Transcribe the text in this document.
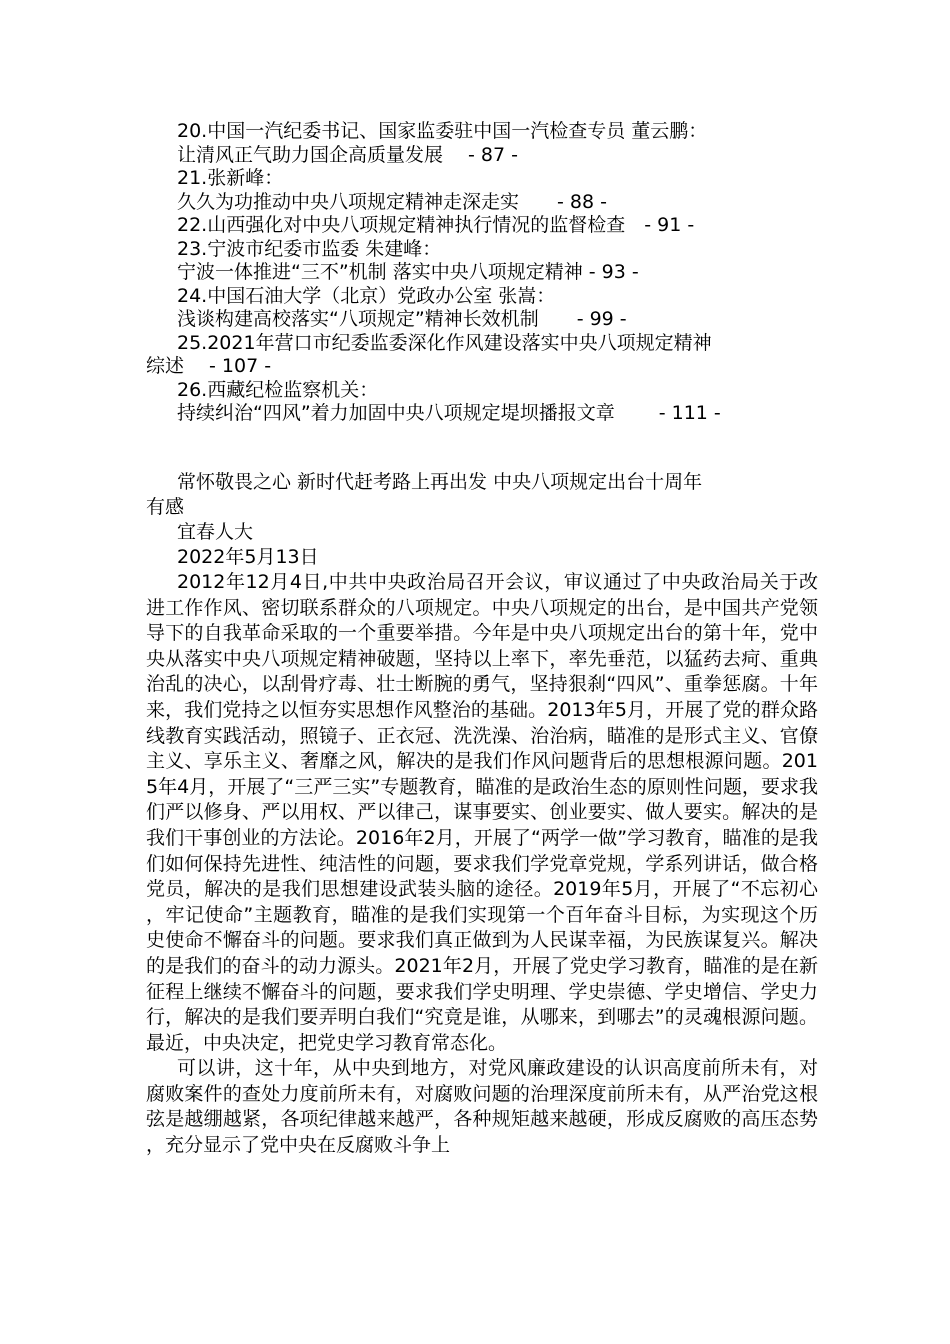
20.中国一汽纪委书记、国家监委驻中国一汽检查专员 董云鹏：
让清风正气助力国企高质量发展　 - 87 -
21.张新峰：
久久为功推动中央八项规定精神走深走实　　- 88 -
22.山西强化对中央八项规定精神执行情况的监督检查　- 91 -
23.宁波市纪委市监委 朱建峰：
宁波一体推进“三不”机制 落实中央八项规定精神 - 93 -
24.中国石油大学（北京）党政办公室 张嵩：
浅谈构建高校落实“八项规定”精神长效机制　　- 99 -
25.2021年营口市纪委监委深化作风建设落实中央八项规定精神
综述　 - 107 -
26.西藏纪检监察机关：
持续纠治“四风”着力加固中央八项规定堤坝播报文章　　 - 111 -

常怀敬畏之心 新时代赶考路上再出发 中央八项规定出台十周年

有感

宜春人大

2022年5月13日

2012年12月4日,中共中央政治局召开会议，审议通过了中央政治局关于改进工作作风、密切联系群众的八项规定。中央八项规定的出台，是中国共产党领导下的自我革命采取的一个重要举措。今年是中央八项规定出台的第十年，党中央从落实中央八项规定精神破题，坚持以上率下，率先垂范，以猛药去疴、重典治乱的决心，以刮骨疗毒、壮士断腕的勇气，坚持狠刹“四风”、重拳惩腐。十年来，我们党持之以恒夯实思想作风整治的基础。2013年5月，开展了党的群众路线教育实践活动，照镜子、正衣冠、洗洗澡、治治病，瞄准的是形式主义、官僚主义、享乐主义、奢靡之风，解决的是我们作风问题背后的思想根源问题。2015年4月，开展了“三严三实”专题教育，瞄准的是政治生态的原则性问题，要求我们严以修身、严以用权、严以律己，谋事要实、创业要实、做人要实。解决的是我们干事创业的方法论。2016年2月，开展了“两学一做”学习教育，瞄准的是我们如何保持先进性、纯洁性的问题，要求我们学党章党规，学系列讲话，做合格党员，解决的是我们思想建设武装头脑的途径。2019年5月，开展了“不忘初心，牢记使命”主题教育，瞄准的是我们实现第一个百年奋斗目标，为实现这个历史使命不懈奋斗的问题。要求我们真正做到为人民谋幸福，为民族谋复兴。解决的是我们的奋斗的动力源头。2021年2月，开展了党史学习教育，瞄准的是在新征程上继续不懈奋斗的问题，要求我们学史明理、学史崇德、学史增信、学史力行，解决的是我们要弄明白我们“究竟是谁，从哪来，到哪去”的灵魂根源问题。最近，中央决定，把党史学习教育常态化。

可以讲，这十年，从中央到地方，对党风廉政建设的认识高度前所未有，对腐败案件的查处力度前所未有，对腐败问题的治理深度前所未有，从严治党这根弦是越绷越紧，各项纪律越来越严，各种规矩越来越硬，形成反腐败的高压态势，充分显示了党中央在反腐败斗争上
